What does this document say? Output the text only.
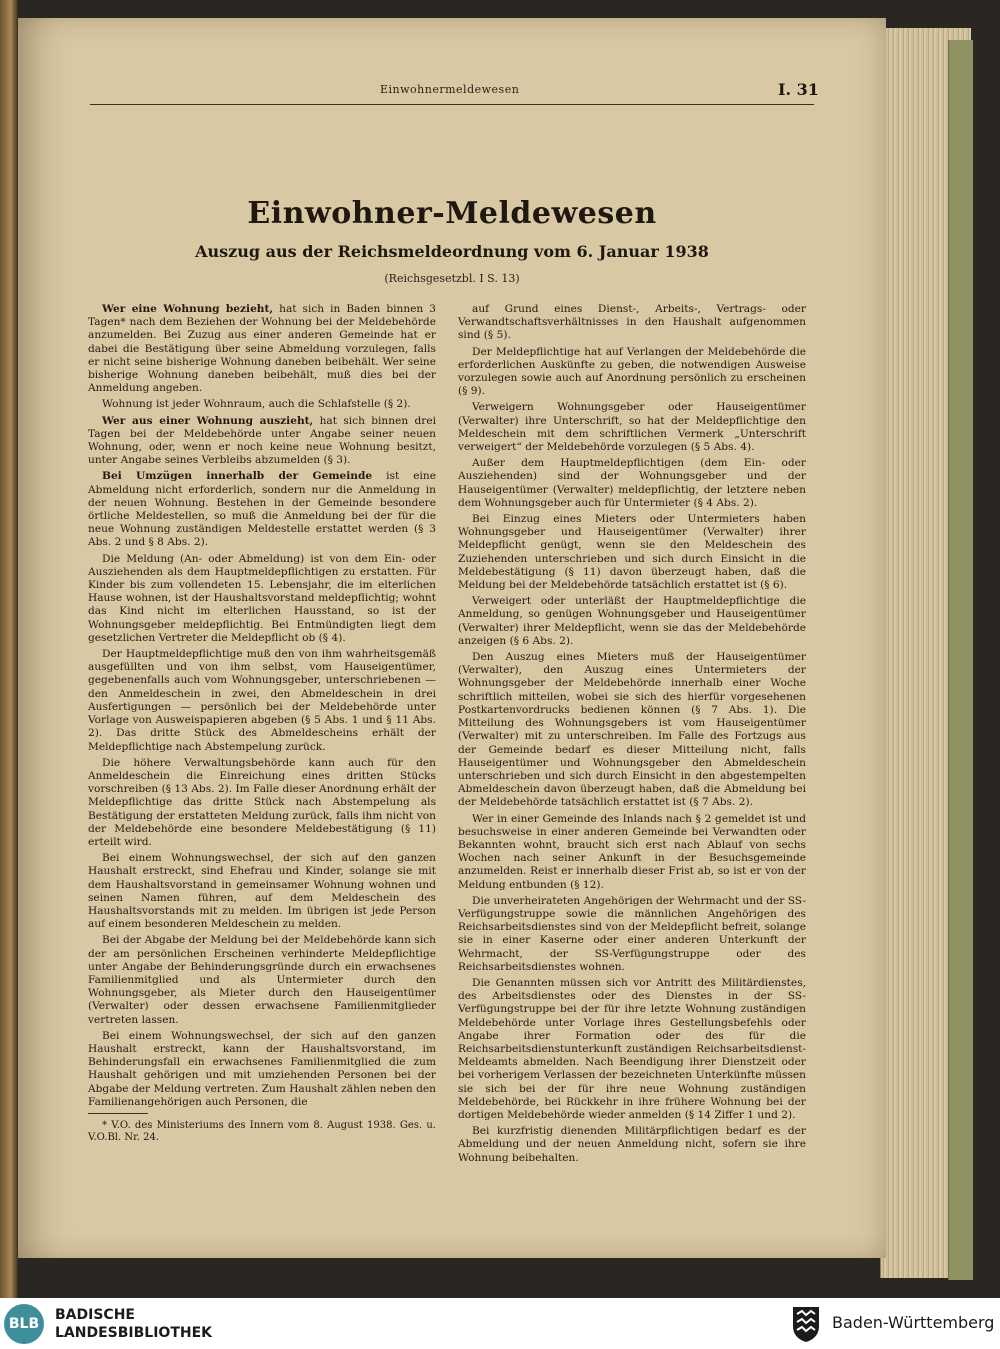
Einwohnermeldewesen	I. 31
Einwohner-Meldewesen
Auszug aus der Reichsmeldeordnung vom 6. Januar 1938
(Reichsgesetzbl. I S. 13)

Wer eine Wohnung bezieht, hat sich in Baden binnen 3 Tagen* nach dem Beziehen der Wohnung bei der Meldebehörde anzumelden. Bei Zuzug aus einer anderen Gemeinde hat er dabei die Bestätigung über seine Abmeldung vorzulegen, falls er nicht seine bisherige Wohnung daneben beibehält. Wer seine bisherige Wohnung daneben beibehält, muß dies bei der Anmeldung angeben.

Wohnung ist jeder Wohnraum, auch die Schlafstelle (§ 2).

Wer aus einer Wohnung auszieht, hat sich binnen drei Tagen bei der Meldebehörde unter Angabe seiner neuen Wohnung, oder, wenn er noch keine neue Wohnung besitzt, unter Angabe seines Verbleibs abzumelden (§ 3).

Bei Umzügen innerhalb der Gemeinde ist eine Abmeldung nicht erforderlich, sondern nur die Anmeldung in der neuen Wohnung. Bestehen in der Gemeinde besondere örtliche Meldestellen, so muß die Anmeldung bei der für die neue Wohnung zuständigen Meldestelle erstattet werden (§ 3 Abs. 2 und § 8 Abs. 2).

Die Meldung (An- oder Abmeldung) ist von dem Ein- oder Ausziehenden als dem Hauptmeldepflichtigen zu erstatten. Für Kinder bis zum vollendeten 15. Lebensjahr, die im elterlichen Hause wohnen, ist der Haushaltsvorstand meldepflichtig; wohnt das Kind nicht im elterlichen Hausstand, so ist der Wohnungsgeber meldepflichtig. Bei Entmündigten liegt dem gesetzlichen Vertreter die Meldepflicht ob (§ 4).

Der Hauptmeldepflichtige muß den von ihm wahrheitsgemäß ausgefüllten und von ihm selbst, vom Hauseigentümer, gegebenenfalls auch vom Wohnungsgeber, unterschriebenen — den Anmeldeschein in zwei, den Abmeldeschein in drei Ausfertigungen — persönlich bei der Meldebehörde unter Vorlage von Ausweispapieren abgeben (§ 5 Abs. 1 und § 11 Abs. 2). Das dritte Stück des Abmeldescheins erhält der Meldepflichtige nach Abstempelung zurück.

Die höhere Verwaltungsbehörde kann auch für den Anmeldeschein die Einreichung eines dritten Stücks vorschreiben (§ 13 Abs. 2). Im Falle dieser Anordnung erhält der Meldepflichtige das dritte Stück nach Abstempelung als Bestätigung der erstatteten Meldung zurück, falls ihm nicht von der Meldebehörde eine besondere Meldebestätigung (§ 11) erteilt wird.

Bei einem Wohnungswechsel, der sich auf den ganzen Haushalt erstreckt, sind Ehefrau und Kinder, solange sie mit dem Haushaltsvorstand in gemeinsamer Wohnung wohnen und seinen Namen führen, auf dem Meldeschein des Haushaltsvorstands mit zu melden. Im übrigen ist jede Person auf einem besonderen Meldeschein zu melden.

Bei der Abgabe der Meldung bei der Meldebehörde kann sich der am persönlichen Erscheinen verhinderte Meldepflichtige unter Angabe der Behinderungsgründe durch ein erwachsenes Familienmitglied und als Untermieter durch den Wohnungsgeber, als Mieter durch den Hauseigentümer (Verwalter) oder dessen erwachsene Familienmitglieder vertreten lassen.

Bei einem Wohnungswechsel, der sich auf den ganzen Haushalt erstreckt, kann der Haushaltsvorstand, im Behinderungsfall ein erwachsenes Familienmitglied die zum Haushalt gehörigen und mit umziehenden Personen bei der Abgabe der Meldung vertreten. Zum Haushalt zählen neben den Familienangehörigen auch Personen, die

auf Grund eines Dienst-, Arbeits-, Vertrags- oder Verwandtschaftsverhältnisses in den Haushalt aufgenommen sind (§ 5).

Der Meldepflichtige hat auf Verlangen der Meldebehörde die erforderlichen Auskünfte zu geben, die notwendigen Ausweise vorzulegen sowie auch auf Anordnung persönlich zu erscheinen (§ 9).

Verweigern Wohnungsgeber oder Hauseigentümer (Verwalter) ihre Unterschrift, so hat der Meldepflichtige den Meldeschein mit dem schriftlichen Vermerk „Unterschrift verweigert“ der Meldebehörde vorzulegen (§ 5 Abs. 4).

Außer dem Hauptmeldepflichtigen (dem Ein- oder Ausziehenden) sind der Wohnungsgeber und der Hauseigentümer (Verwalter) meldepflichtig, der letztere neben dem Wohnungsgeber auch für Untermieter (§ 4 Abs. 2).

Bei Einzug eines Mieters oder Untermieters haben Wohnungsgeber und Hauseigentümer (Verwalter) ihrer Meldepflicht genügt, wenn sie den Meldeschein des Zuziehenden unterschrieben und sich durch Einsicht in die Meldebestätigung (§ 11) davon überzeugt haben, daß die Meldung bei der Meldebehörde tatsächlich erstattet ist (§ 6).

Verweigert oder unterläßt der Hauptmeldepflichtige die Anmeldung, so genügen Wohnungsgeber und Hauseigentümer (Verwalter) ihrer Meldepflicht, wenn sie das der Meldebehörde anzeigen (§ 6 Abs. 2).

Den Auszug eines Mieters muß der Hauseigentümer (Verwalter), den Auszug eines Untermieters der Wohnungsgeber der Meldebehörde innerhalb einer Woche schriftlich mitteilen, wobei sie sich des hierfür vorgesehenen Postkartenvordrucks bedienen können (§ 7 Abs. 1). Die Mitteilung des Wohnungsgebers ist vom Hauseigentümer (Verwalter) mit zu unterschreiben. Im Falle des Fortzugs aus der Gemeinde bedarf es dieser Mitteilung nicht, falls Hauseigentümer und Wohnungsgeber den Abmeldeschein unterschrieben und sich durch Einsicht in den abgestempelten Abmeldeschein davon überzeugt haben, daß die Abmeldung bei der Meldebehörde tatsächlich erstattet ist (§ 7 Abs. 2).

Wer in einer Gemeinde des Inlands nach § 2 gemeldet ist und besuchsweise in einer anderen Gemeinde bei Verwandten oder Bekannten wohnt, braucht sich erst nach Ablauf von sechs Wochen nach seiner Ankunft in der Besuchsgemeinde anzumelden. Reist er innerhalb dieser Frist ab, so ist er von der Meldung entbunden (§ 12).

Die unverheirateten Angehörigen der Wehrmacht und der SS-Verfügungstruppe sowie die männlichen Angehörigen des Reichsarbeitsdienstes sind von der Meldepflicht befreit, solange sie in einer Kaserne oder einer anderen Unterkunft der Wehrmacht, der SS-Verfügungstruppe oder des Reichsarbeitsdienstes wohnen.

Die Genannten müssen sich vor Antritt des Militärdienstes, des Arbeitsdienstes oder des Dienstes in der SS-Verfügungstruppe bei der für ihre letzte Wohnung zuständigen Meldebehörde unter Vorlage ihres Gestellungsbefehls oder Angabe ihrer Formation oder des für die Reichsarbeitsdienstunterkunft zuständigen Reichsarbeitsdienst-Meldeamts abmelden. Nach Beendigung ihrer Dienstzeit oder bei vorherigem Verlassen der bezeichneten Unterkünfte müssen sie sich bei der für ihre neue Wohnung zuständigen Meldebehörde, bei Rückkehr in ihre frühere Wohnung bei der dortigen Meldebehörde wieder anmelden (§ 14 Ziffer 1 und 2).

Bei kurzfristig dienenden Militärpflichtigen bedarf es der Abmeldung und der neuen Anmeldung nicht, sofern sie ihre Wohnung beibehalten.

* V.O. des Ministeriums des Innern vom 8. August 1938. Ges. u. V.O.Bl. Nr. 24.
BLB
BADISCHE
LANDESBIBLIOTHEK
Baden-Württemberg
